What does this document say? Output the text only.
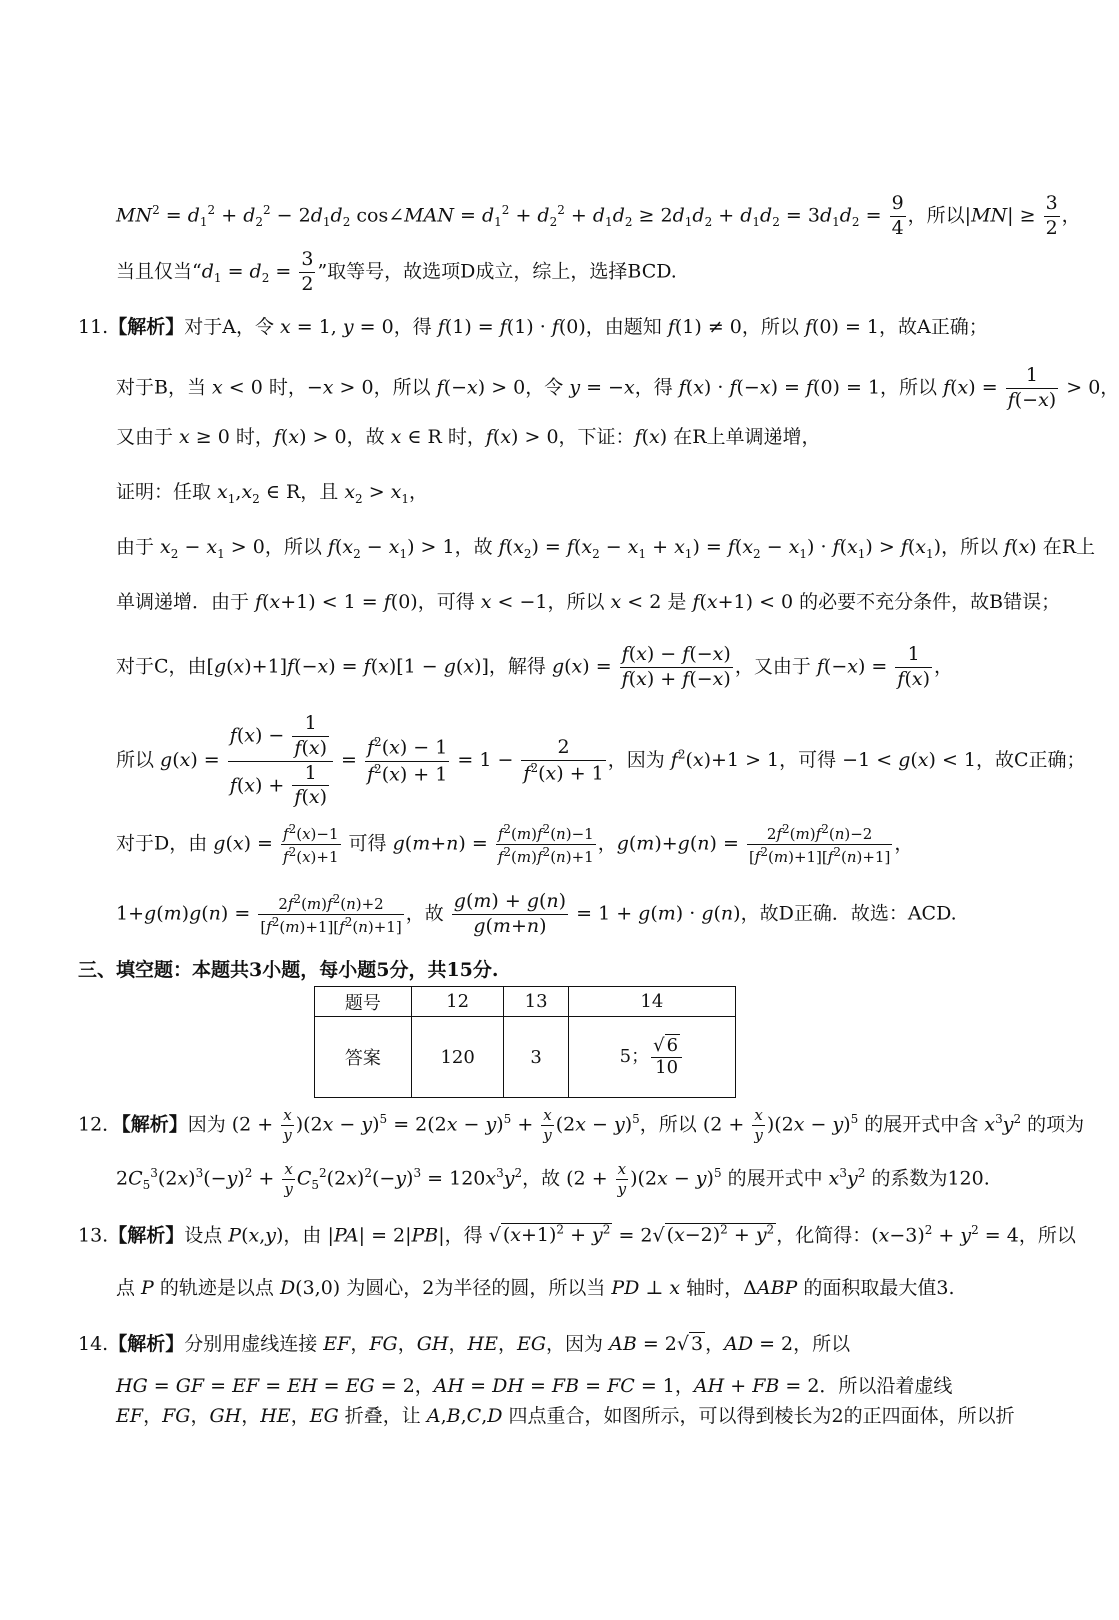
$MN^2 = d_1^2 + d_2^2 - 2d_1d_2$ cos∠MAN = $d_1^2 + d_2^2 + d_1d_2 \ge 2d_1d_2 + d_1d_2 = 3d_1d_2 = \frac{9}{4}$ ，所以$|MN| \ge \frac{3}{2}$ ，
当且仅当“$d_1 = d_2 = \frac{3}{2}$ ”取等号，故选项D成立，综上，选择BCD.
11.【解析】对于A，令 x = 1, y = 0，得 f(1) = f(1) · f(0)，由题知 f(1) ≠ 0，所以 f(0) = 1，故A正确；
对于B，当 x < 0 时，−x > 0，所以 f(−x) > 0，令 y = −x，得 f(x) · f(−x) = f(0) = 1，所以 $f(x) = \frac{1}{f(-x)} > 0$，
又由于 x ≥ 0 时，f(x) > 0，故 x ∈ R 时，f(x) > 0，下证：f(x) 在R上单调递增，
证明：任取 $x_1,x_2$ ∈ R，且 $x_2 > x_1$，
由于 $x_2 - x_1 > 0$，所以 $f(x_2 - x_1) > 1$，故 $f(x_2) = f(x_2 - x_1 + x_1) = f(x_2 - x_1) \cdot f(x_1) > f(x_1)$，所以 f(x) 在R上
单调递增．由于 f(x+1) < 1 = f(0)，可得 x < −1，所以 x < 2 是 f(x+1) < 0 的必要不充分条件，故B错误；
对于C，由[g(x)+1]f(−x) = f(x)[1 − g(x)]，解得 $g(x) = \frac{f(x) - f(-x)}{f(x) + f(-x)}$ ，又由于 $f(-x) = \frac{1}{f(x)}$ ，
所以 $g(x) = \frac{f(x) - \frac{1}{f(x)}}{f(x) + \frac{1}{f(x)}} = \frac{f^2(x) - 1}{f^2(x) + 1} = 1 - \frac{2}{f^2(x) + 1}$ ，因为 $f^2(x)+1 > 1$，可得 −1 < g(x) < 1，故C正确；
对于D，由 $g(x) = \frac{f^2(x)-1}{f^2(x)+1}$ 可得 $g(m+n) = \frac{f^2(m)f^2(n)-1}{f^2(m)f^2(n)+1}$ ，$g(m)+g(n) = \frac{2f^2(m)f^2(n)-2}{[f^2(m)+1][f^2(n)+1]}$ ，
$1+g(m)g(n) = \frac{2f^2(m)f^2(n)+2}{[f^2(m)+1][f^2(n)+1]}$ ，故 $\frac{g(m) + g(n)}{g(m+n)} = 1 + g(m) \cdot g(n)$，故D正确．故选：ACD.
三、填空题：本题共3小题，每小题5分，共15分.
题号	12	13	14
答案	120	3	5； $\frac{√ 6}{10}$
12．【解析】因为 $(2 + \frac{x}{y} )(2x - y)^5 = 2(2x - y)^5 + \frac{x}{y} (2x - y)^5$，所以 $(2 + \frac{x}{y} )(2x - y)^5$ 的展开式中含 $x^3y^2$ 的项为
$2C_5^3(2x)^3(-y)^2 + \frac{x}{y} C_5^2(2x)^2(-y)^3 = 120x^3y^2$，故 $(2 + \frac{x}{y} )(2x - y)^5$ 的展开式中 $x^3y^2$ 的系数为120.
13.【解析】设点 P(x,y)，由 |PA| = 2|PB|，得 √ $(x+1)^2 + y^2 = 2√$ $(x-2)^2 + y^2$ ，化简得：$(x-3)^2 + y^2 = 4$，所以
点 P 的轨迹是以点 D(3,0) 为圆心，2为半径的圆，所以当 PD ⊥ x 轴时，ΔABP 的面积取最大值3.
14.【解析】分别用虚线连接 EF，FG，GH，HE，EG，因为 AB = 2√ 3 ，AD = 2，所以
HG = GF = EF = EH = EG = 2，AH = DH = FB = FC = 1，AH + FB = 2．所以沿着虚线
EF，FG，GH，HE，EG 折叠，让 A,B,C,D 四点重合，如图所示，可以得到棱长为2的正四面体，所以折
